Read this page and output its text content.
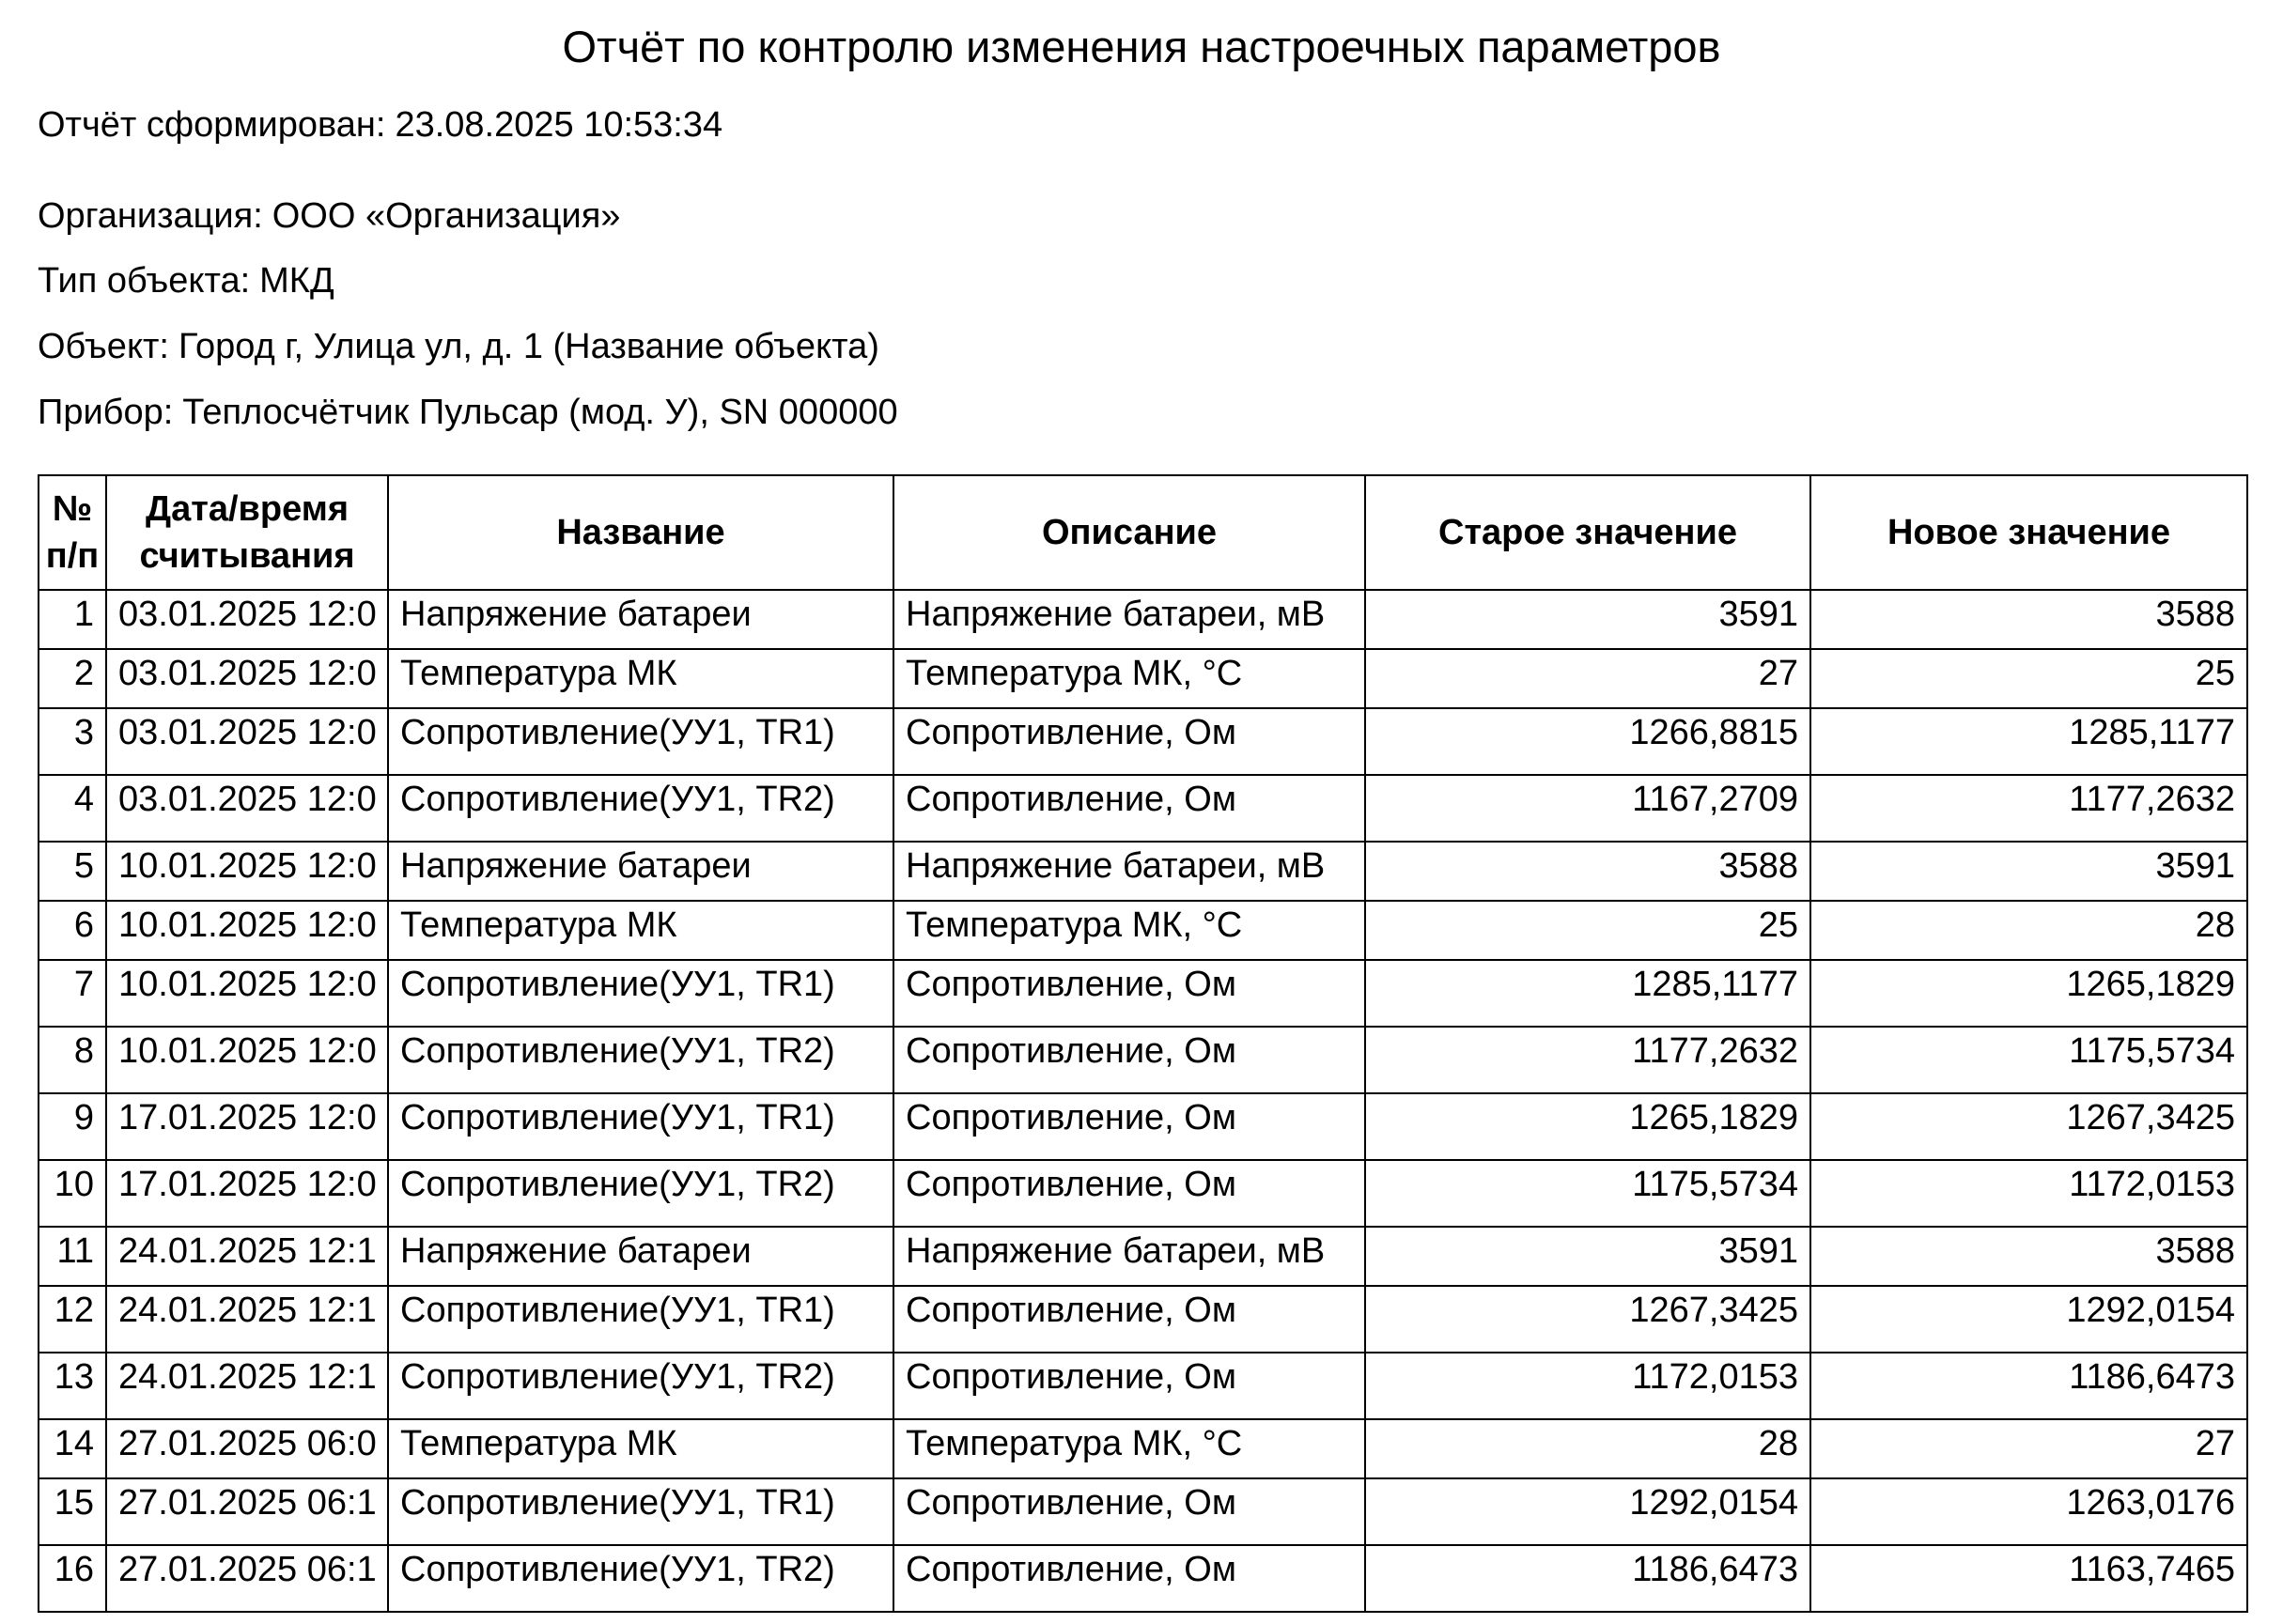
Отчёт по контролю изменения настроечных параметров
Отчёт сформирован: 23.08.2025 10:53:34
Организация: ООО «Организация»
Тип объекта: МКД
Объект: Город г, Улица ул, д. 1 (Название объекта)
Прибор: Теплосчётчик Пульсар (мод. У), SN 000000
№ п/п	Дата/время считывания	Название	Описание	Старое значение	Новое значение
1	03.01.2025 12:0	Напряжение батареи	Напряжение батареи, мВ	3591	3588
2	03.01.2025 12:0	Температура МК	Температура МК, °С	27	25
3	03.01.2025 12:0	Сопротивление(УУ1, TR1)	Сопротивление, Ом	1266,8815	1285,1177
4	03.01.2025 12:0	Сопротивление(УУ1, TR2)	Сопротивление, Ом	1167,2709	1177,2632
5	10.01.2025 12:0	Напряжение батареи	Напряжение батареи, мВ	3588	3591
6	10.01.2025 12:0	Температура МК	Температура МК, °С	25	28
7	10.01.2025 12:0	Сопротивление(УУ1, TR1)	Сопротивление, Ом	1285,1177	1265,1829
8	10.01.2025 12:0	Сопротивление(УУ1, TR2)	Сопротивление, Ом	1177,2632	1175,5734
9	17.01.2025 12:0	Сопротивление(УУ1, TR1)	Сопротивление, Ом	1265,1829	1267,3425
10	17.01.2025 12:0	Сопротивление(УУ1, TR2)	Сопротивление, Ом	1175,5734	1172,0153
11	24.01.2025 12:1	Напряжение батареи	Напряжение батареи, мВ	3591	3588
12	24.01.2025 12:1	Сопротивление(УУ1, TR1)	Сопротивление, Ом	1267,3425	1292,0154
13	24.01.2025 12:1	Сопротивление(УУ1, TR2)	Сопротивление, Ом	1172,0153	1186,6473
14	27.01.2025 06:0	Температура МК	Температура МК, °С	28	27
15	27.01.2025 06:1	Сопротивление(УУ1, TR1)	Сопротивление, Ом	1292,0154	1263,0176
16	27.01.2025 06:1	Сопротивление(УУ1, TR2)	Сопротивление, Ом	1186,6473	1163,7465
